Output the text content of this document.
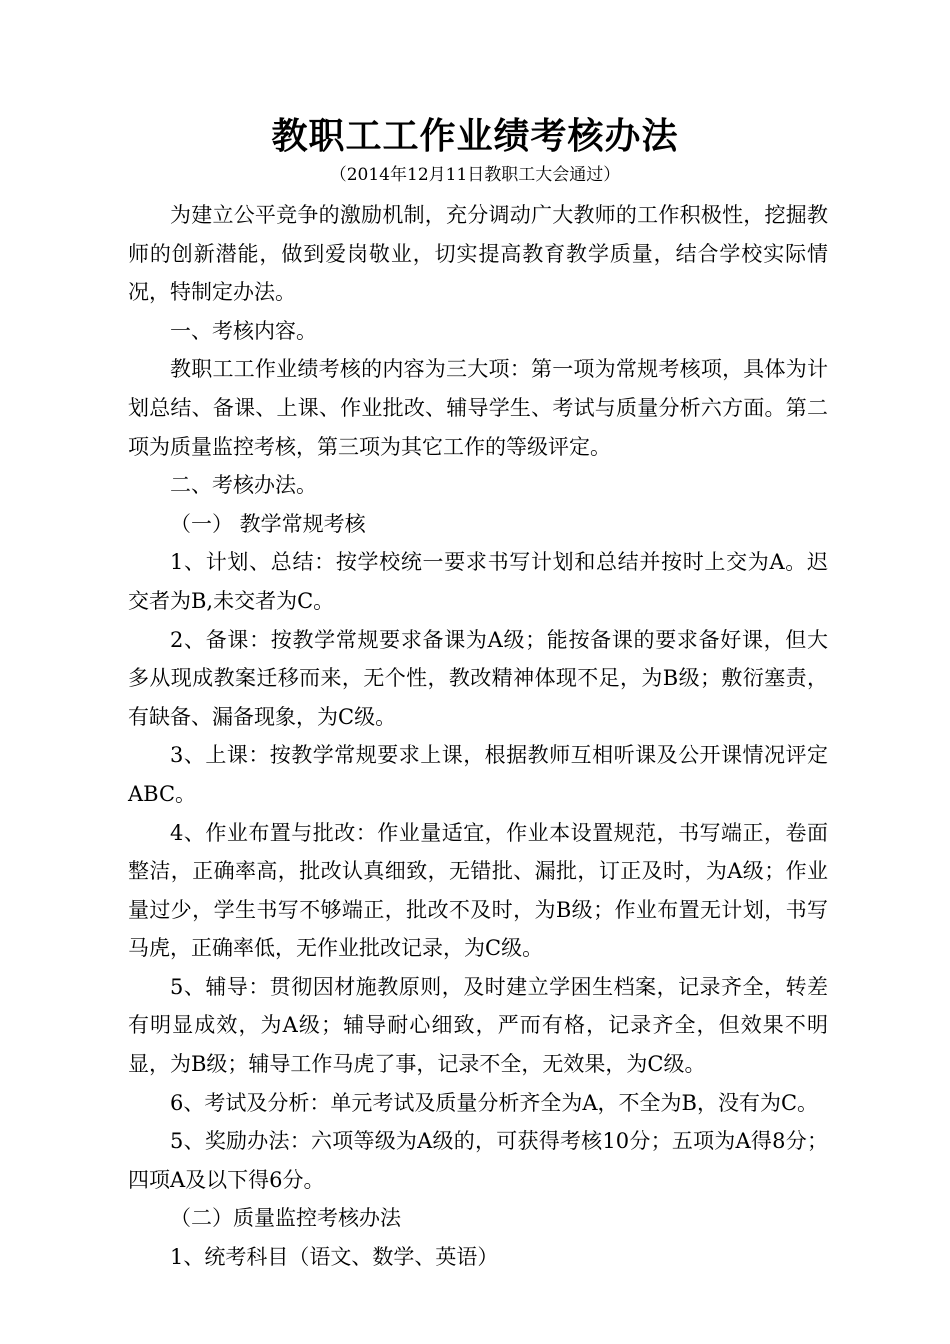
教职工工作业绩考核办法
（2014年12月11日教职工大会通过）

为建立公平竞争的激励机制，充分调动广大教师的工作积极性，挖掘教师的创新潜能，做到爱岗敬业，切实提高教育教学质量，结合学校实际情况，特制定办法。

一、考核内容。

教职工工作业绩考核的内容为三大项：第一项为常规考核项，具体为计划总结、备课、上课、作业批改、辅导学生、考试与质量分析六方面。第二项为质量监控考核，第三项为其它工作的等级评定。

二、考核办法。

（一） 教学常规考核

1、计划、总结：按学校统一要求书写计划和总结并按时上交为A。迟交者为B,未交者为C。

2、备课：按教学常规要求备课为A级；能按备课的要求备好课，但大多从现成教案迁移而来，无个性，教改精神体现不足，为B级；敷衍塞责，有缺备、漏备现象，为C级。

3、上课：按教学常规要求上课，根据教师互相听课及公开课情况评定ABC。

4、作业布置与批改：作业量适宜，作业本设置规范，书写端正，卷面整洁，正确率高，批改认真细致，无错批、漏批，订正及时，为A级；作业量过少，学生书写不够端正，批改不及时，为B级；作业布置无计划，书写马虎，正确率低，无作业批改记录，为C级。

5、辅导：贯彻因材施教原则，及时建立学困生档案，记录齐全，转差有明显成效，为A级；辅导耐心细致，严而有格，记录齐全，但效果不明显，为B级；辅导工作马虎了事，记录不全，无效果，为C级。

6、考试及分析：单元考试及质量分析齐全为A，不全为B，没有为C。

5、奖励办法：六项等级为A级的，可获得考核10分；五项为A得8分；四项A及以下得6分。

（二）质量监控考核办法

1、统考科目（语文、数学、英语）
